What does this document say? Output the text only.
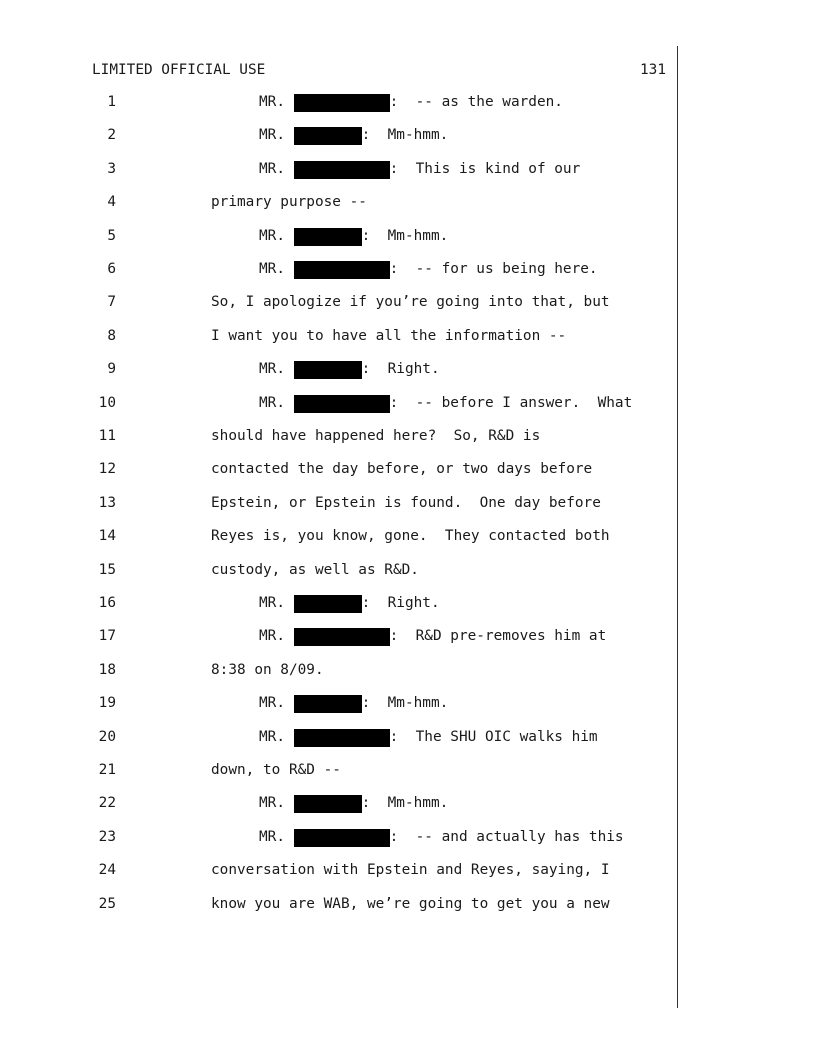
LIMITED OFFICIAL USE	131
1	MR.	:  -- as the warden.
2	MR.	:  Mm-hmm.
3	MR.	:  This is kind of our
4	primary purpose --
5	MR.	:  Mm-hmm.
6	MR.	:  -- for us being here.
7	So, I apologize if you’re going into that, but
8	I want you to have all the information --
9	MR.	:  Right.
10	MR.	:  -- before I answer.  What
11	should have happened here?  So, R&D is
12	contacted the day before, or two days before
13	Epstein, or Epstein is found.  One day before
14	Reyes is, you know, gone.  They contacted both
15	custody, as well as R&D.
16	MR.	:  Right.
17	MR.	:  R&D pre-removes him at
18	8:38 on 8/09.
19	MR.	:  Mm-hmm.
20	MR.	:  The SHU OIC walks him
21	down, to R&D --
22	MR.	:  Mm-hmm.
23	MR.	:  -- and actually has this
24	conversation with Epstein and Reyes, saying, I
25	know you are WAB, we’re going to get you a new
